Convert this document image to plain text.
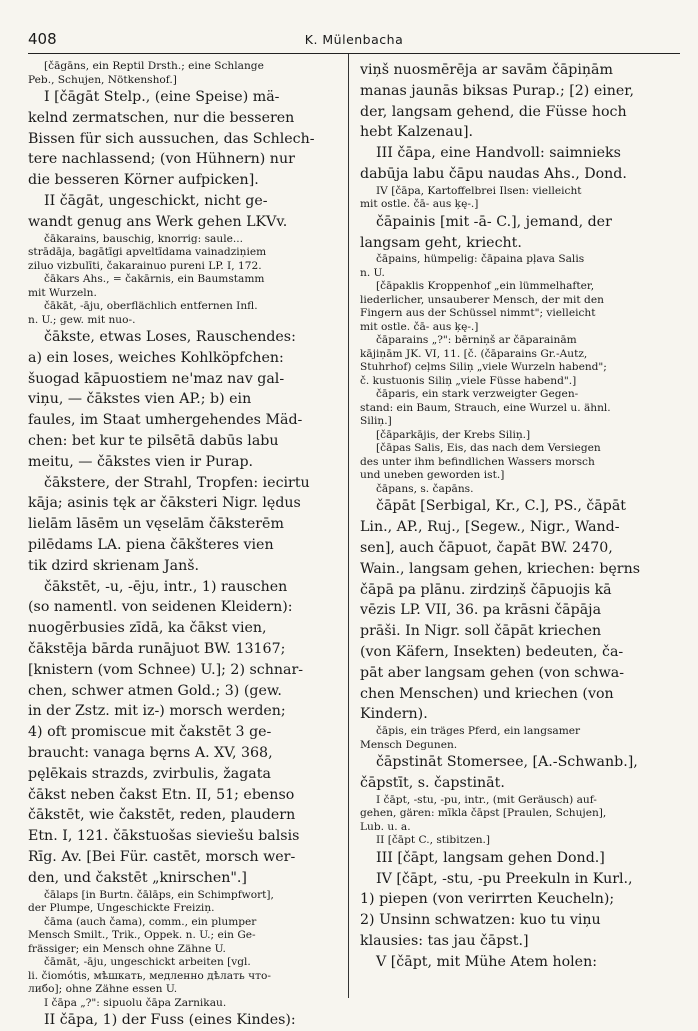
408	K. Mülenbacha
[čāgāns, ein Reptil Drsth.; eine Schlange
Peb., Schujen, Nötkenshof.]
I [čāgāt Stelp., (eine Speise) mä-
kelnd zermatschen, nur die besseren
Bissen für sich aussuchen, das Schlech-
tere nachlassend; (von Hühnern) nur
die besseren Körner aufpicken].
II čāgāt, ungeschickt, nicht ge-
wandt genug ans Werk gehen LKVv.
čākarains, bauschig, knorrig: saule...
strādāja, bagātīgi apveltīdama vainadziņiem
ziluo vizbulīti, čakarainuo pureni LP. I, 172.
čākars Ahs., = čakārnis, ein Baumstamm
mit Wurzeln.
čākāt, -āju, oberflächlich entfernen Infl.
n. U.; gew. mit nuo-.
čākste, etwas Loses, Rauschendes:
a) ein loses, weiches Kohlköpfchen:
šuogad kāpuostiem ne'maz nav gal-
viņu, — čākstes vien AP.; b) ein
faules, im Staat umhergehendes Mäd-
chen: bet kur te pilsētā dabūs labu
meitu, — čākstes vien ir Purap.
čākstere, der Strahl, Tropfen: iecirtu
kāja; asinis tęk ar čāksteri Nigr. lędus
lielām lāsēm un vęselām čāksterēm
pilēdams LA. piena čākšteres vien
tik dzird skrienam Janš.
čākstēt, -u, -ēju, intr., 1) rauschen
(so namentl. von seidenen Kleidern):
nuogērbusies zīdā, ka čākst vien,
čākstēja bārda runājuot BW. 13167;
[knistern (vom Schnee) U.]; 2) schnar-
chen, schwer atmen Gold.; 3) (gew.
in der Zstz. mit iz-) morsch werden;
4) oft promiscue mit čakstēt 3 ge-
braucht: vanaga bęrns A. XV, 368,
pęlēkais strazds, zvirbulis, žagata
čākst neben čakst Etn. II, 51; ebenso
čākstēt, wie čakstēt, reden, plaudern
Etn. I, 121. čākstuošas sieviešu balsis
Rīg. Av. [Bei Für. castēt, morsch wer-
den, und čakstēt „knirschen".]
čālaps [in Burtn. čālāps, ein Schimpfwort],
der Plumpe, Ungeschickte Freiziņ.
čāma (auch čama), comm., ein plumper
Mensch Smilt., Trik., Oppek. n. U.; ein Ge-
frässiger; ein Mensch ohne Zähne U.
čāmāt, -āju, ungeschickt arbeiten [vgl.
li. čiomótis, мѣшкать, медленно дѣлать что-
либо]; ohne Zähne essen U.
I čāpa „?": sipuolu čāpa Zarnikau.
II čāpa, 1) der Fuss (eines Kindes):
viņš nuosmērēja ar savām čāpiņām
manas jaunās biksas Purap.; [2) einer,
der, langsam gehend, die Füsse hoch
hebt Kalzenau].
III čāpa, eine Handvoll: saimnieks
dabūja labu čāpu naudas Ahs., Dond.
IV [čāpa, Kartoffelbrei Ilsen: vielleicht
mit ostle. čā- aus ķę-.]
čāpainis [mit -ā- C.], jemand, der
langsam geht, kriecht.
čāpains, hümpelig: čāpaina pļava Salis
n. U.
[čāpaklis Kroppenhof „ein lümmelhafter,
liederlicher, unsauberer Mensch, der mit den
Fingern aus der Schüssel nimmt"; vielleicht
mit ostle. čā- aus ķę-.]
čāparains „?": bērniņš ar čāparainām
kājiņām JK. VI, 11. [č. (čāparains Gr.-Autz,
Stuhrhof) ceļms Siliņ „viele Wurzeln habend";
č. kustuonis Siliņ „viele Füsse habend".]
čāparis, ein stark verzweigter Gegen-
stand: ein Baum, Strauch, eine Wurzel u. ähnl.
Siliņ.]
[čāparkājis, der Krebs Siliņ.]
[čāpas Salis, Eis, das nach dem Versiegen
des unter ihm befindlichen Wassers morsch
und uneben geworden ist.]
čāpans, s. čapāns.
čāpāt [Serbigal, Kr., C.], PS., čāpāt
Lin., AP., Ruj., [Segew., Nigr., Wand-
sen], auch čāpuot, čapāt BW. 2470,
Wain., langsam gehen, kriechen: bęrns
čāpā pa plānu. zirdziņš čāpuojis kā
vēzis LP. VII, 36. pa krāsni čāpāja
prāši. In Nigr. soll čāpāt kriechen
(von Käfern, Insekten) bedeuten, ča-
pāt aber langsam gehen (von schwa-
chen Menschen) und kriechen (von
Kindern).
čāpis, ein träges Pferd, ein langsamer
Mensch Degunen.
čāpstināt Stomersee, [A.-Schwanb.],
čāpstīt, s. čapstināt.
I čāpt, -stu, -pu, intr., (mit Geräusch) auf-
gehen, gären: mīkla čāpst [Praulen, Schujen],
Lub. u. a.
II [čāpt C., stibitzen.]
III [čāpt, langsam gehen Dond.]
IV [čāpt, -stu, -pu Preekuln in Kurl.,
1) piepen (von verirrten Keucheln);
2) Unsinn schwatzen: kuo tu viņu
klausies: tas jau čāpst.]
V [čāpt, mit Mühe Atem holen:
